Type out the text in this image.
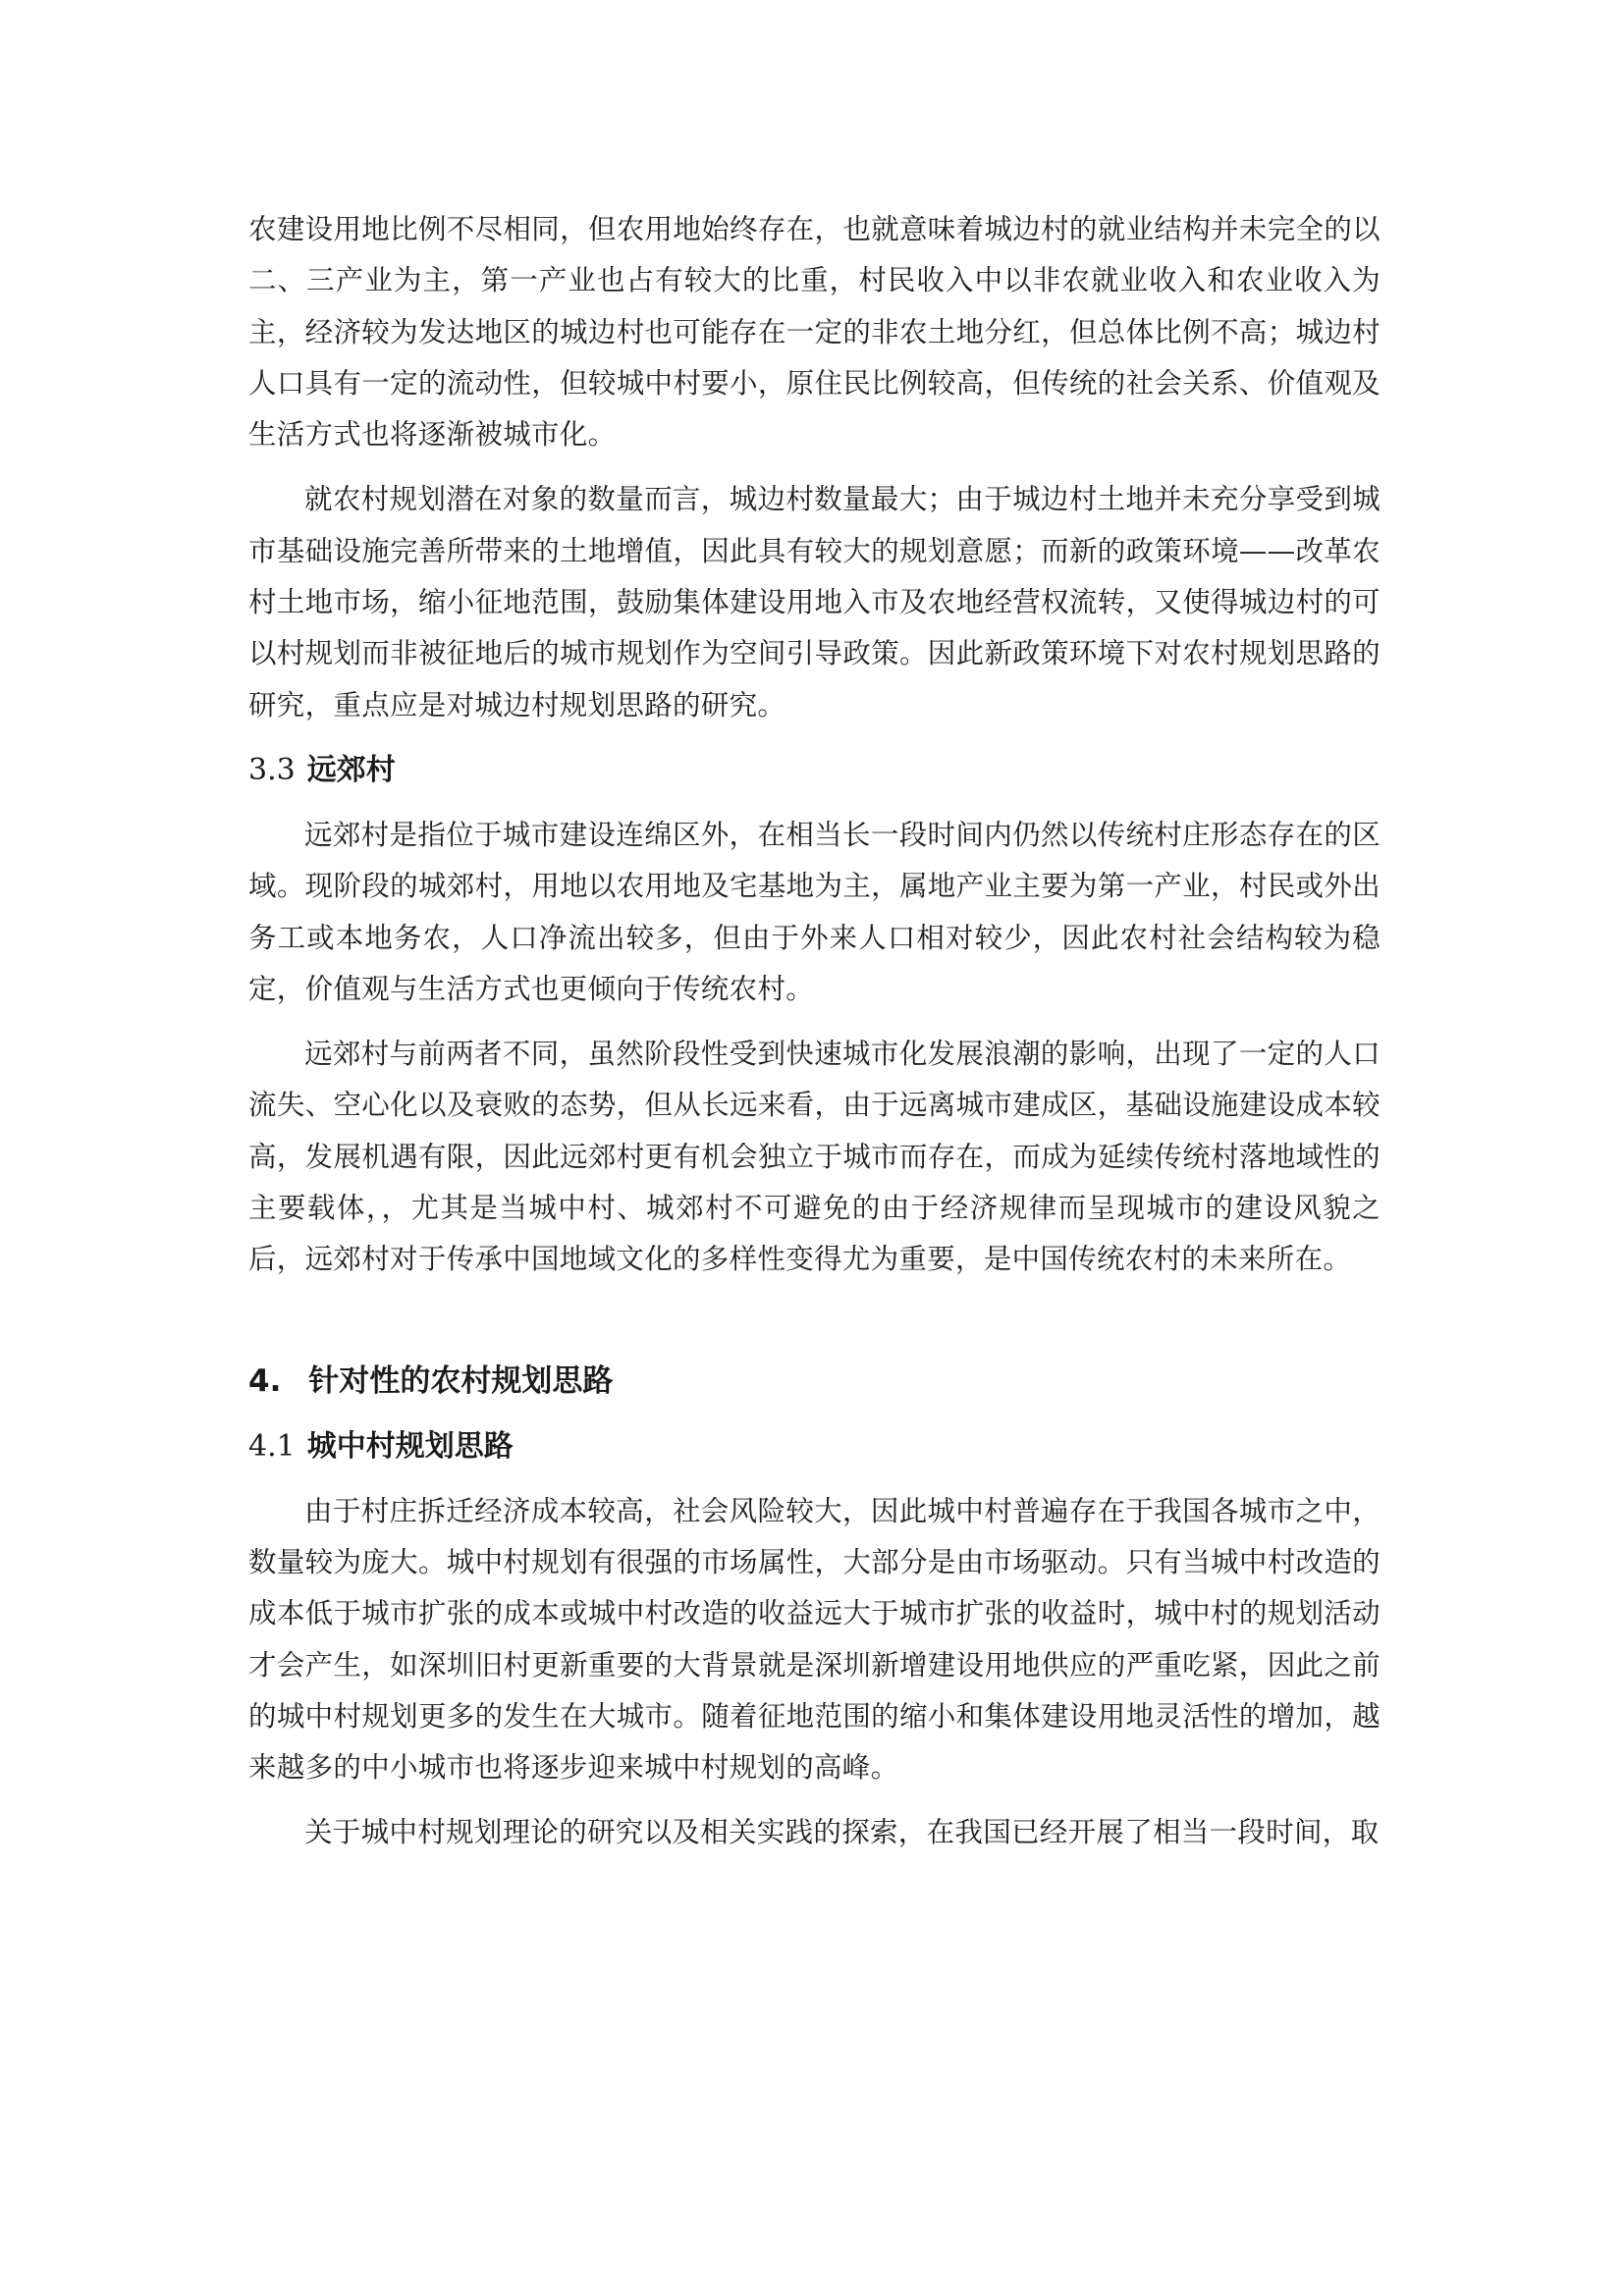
农建设用地比例不尽相同，但农用地始终存在，也就意味着城边村的就业结构并未完全的以二、三产业为主，第一产业也占有较大的比重，村民收入中以非农就业收入和农业收入为主，经济较为发达地区的城边村也可能存在一定的非农土地分红，但总体比例不高；城边村人口具有一定的流动性，但较城中村要小，原住民比例较高，但传统的社会关系、价值观及生活方式也将逐渐被城市化。

就农村规划潜在对象的数量而言，城边村数量最大；由于城边村土地并未充分享受到城市基础设施完善所带来的土地增值，因此具有较大的规划意愿；而新的政策环境——改革农村土地市场，缩小征地范围，鼓励集体建设用地入市及农地经营权流转，又使得城边村的可以村规划而非被征地后的城市规划作为空间引导政策。因此新政策环境下对农村规划思路的研究，重点应是对城边村规划思路的研究。

3.3 远郊村

远郊村是指位于城市建设连绵区外，在相当长一段时间内仍然以传统村庄形态存在的区域。现阶段的城郊村，用地以农用地及宅基地为主，属地产业主要为第一产业，村民或外出务工或本地务农，人口净流出较多，但由于外来人口相对较少，因此农村社会结构较为稳定，价值观与生活方式也更倾向于传统农村。

远郊村与前两者不同，虽然阶段性受到快速城市化发展浪潮的影响，出现了一定的人口流失、空心化以及衰败的态势，但从长远来看，由于远离城市建成区，基础设施建设成本较高，发展机遇有限，因此远郊村更有机会独立于城市而存在，而成为延续传统村落地域性的主要载体，，尤其是当城中村、城郊村不可避免的由于经济规律而呈现城市的建设风貌之后，远郊村对于传承中国地域文化的多样性变得尤为重要，是中国传统农村的未来所在。

4. 针对性的农村规划思路
4.1 城中村规划思路

由于村庄拆迁经济成本较高，社会风险较大，因此城中村普遍存在于我国各城市之中，数量较为庞大。城中村规划有很强的市场属性，大部分是由市场驱动。只有当城中村改造的成本低于城市扩张的成本或城中村改造的收益远大于城市扩张的收益时，城中村的规划活动才会产生，如深圳旧村更新重要的大背景就是深圳新增建设用地供应的严重吃紧，因此之前的城中村规划更多的发生在大城市。随着征地范围的缩小和集体建设用地灵活性的增加，越来越多的中小城市也将逐步迎来城中村规划的高峰。

关于城中村规划理论的研究以及相关实践的探索，在我国已经开展了相当一段时间，取
